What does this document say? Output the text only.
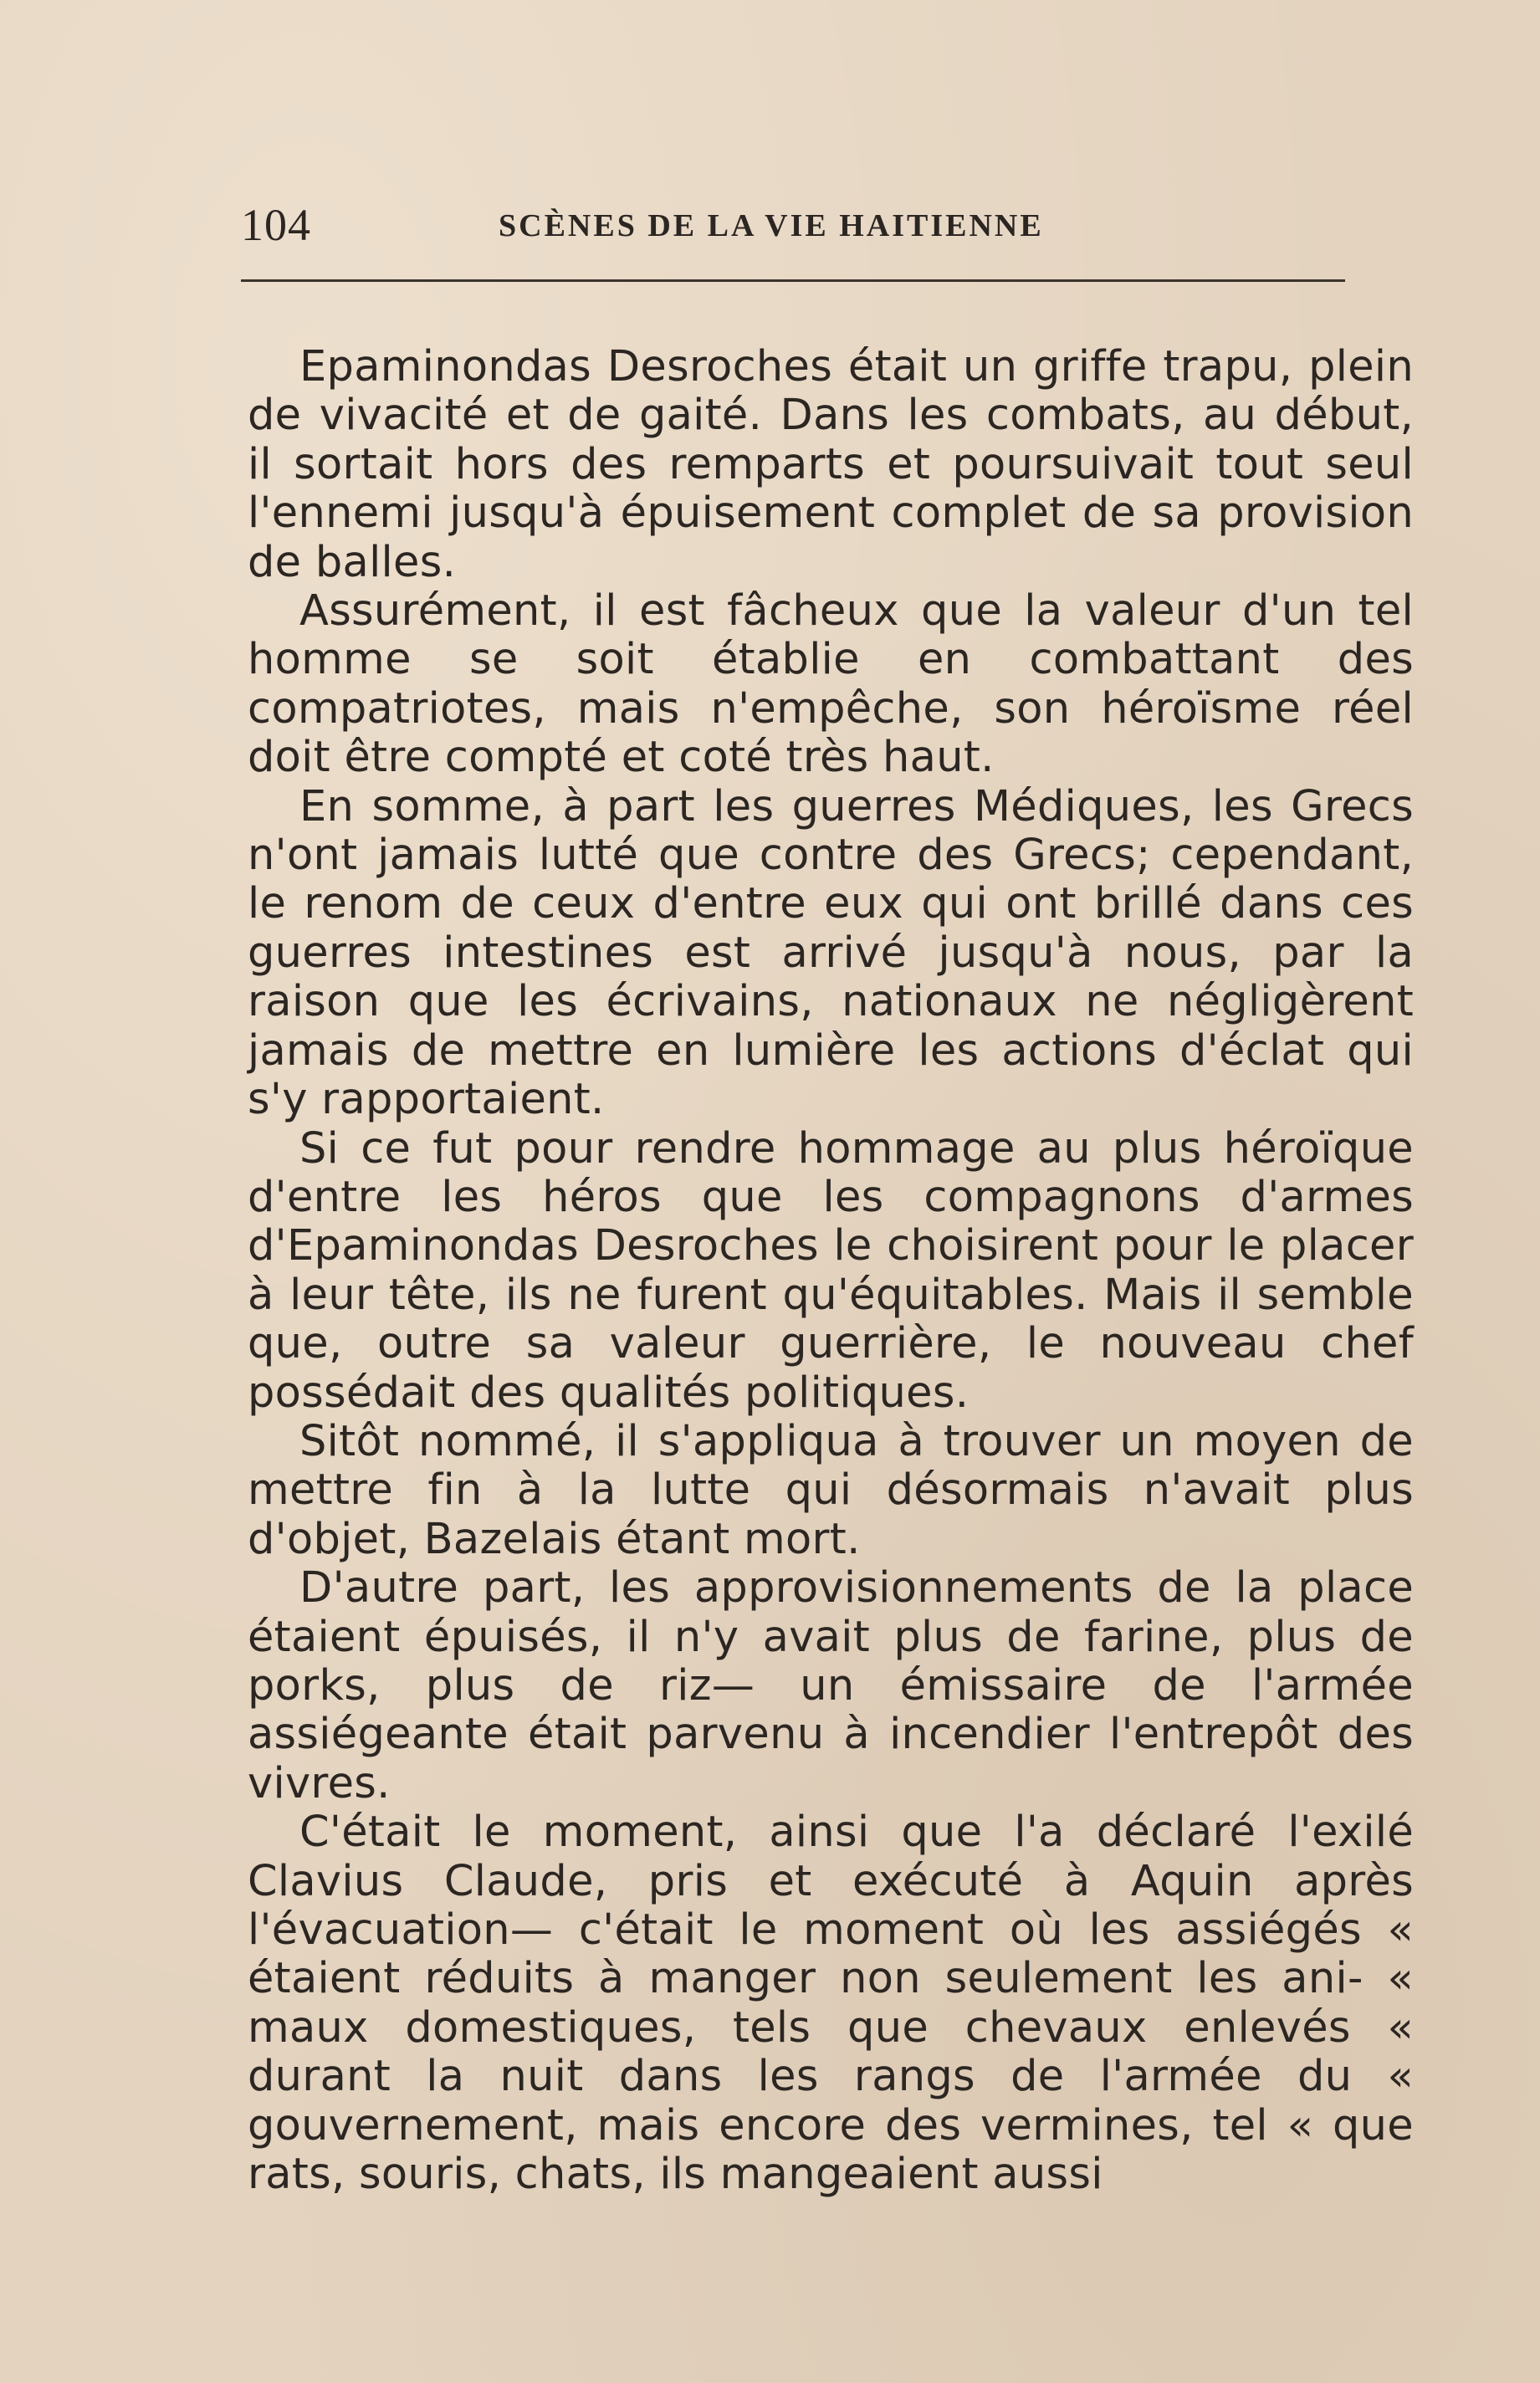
104	SCÈNES DE LA VIE HAITIENNE

Epaminondas Desroches était un griffe trapu, plein de vivacité et de gaité. Dans les combats, au début, il sortait hors des remparts et poursuivait tout seul l'ennemi jusqu'à épuisement complet de sa provision de balles.

Assurément, il est fâcheux que la valeur d'un tel homme se soit établie en combattant des compatriotes, mais n'empêche, son héroïsme réel doit être compté et coté très haut.

En somme, à part les guerres Médiques, les Grecs n'ont jamais lutté que contre des Grecs; cependant, le renom de ceux d'entre eux qui ont brillé dans ces guerres intestines est arrivé jusqu'à nous, par la raison que les écrivains, nationaux ne négligèrent jamais de mettre en lumière les actions d'éclat qui s'y rapportaient.

Si ce fut pour rendre hommage au plus héroïque d'entre les héros que les compagnons d'armes d'Epaminondas Desroches le choisirent pour le placer à leur tête, ils ne furent qu'équitables. Mais il semble que, outre sa valeur guerrière, le nouveau chef possédait des qualités politiques.

Sitôt nommé, il s'appliqua à trouver un moyen de mettre fin à la lutte qui désormais n'avait plus d'objet, Bazelais étant mort.

D'autre part, les approvisionnements de la place étaient épuisés, il n'y avait plus de farine, plus de porks, plus de riz— un émissaire de l'armée assiégeante était parvenu à incendier l'entrepôt des vivres.

C'était le moment, ainsi que l'a déclaré l'exilé Clavius Claude, pris et exécuté à Aquin après l'évacuation— c'était le moment où les assiégés « étaient réduits à manger non seulement les ani- « maux domestiques, tels que chevaux enlevés « durant la nuit dans les rangs de l'armée du « gouvernement, mais encore des vermines, tel « que rats, souris, chats, ils mangeaient aussi
